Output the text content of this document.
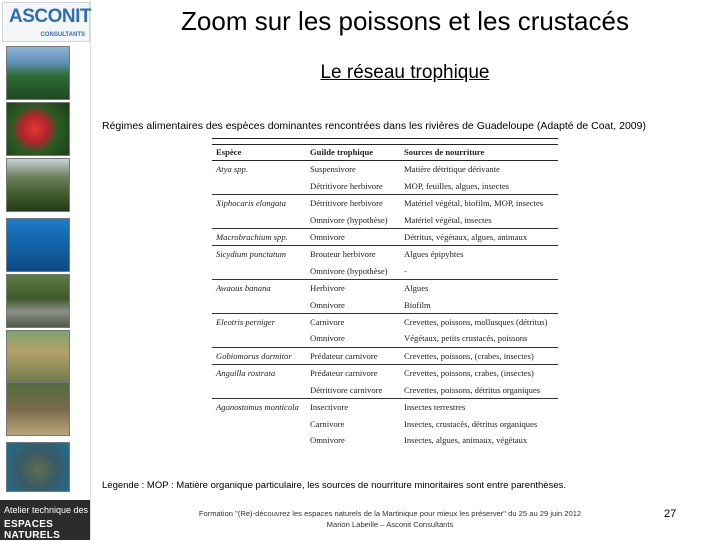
ASCONIT
CONSULTANTS
Atelier technique des
ESPACES NATURELS
Zoom sur les poissons et les crustacés
Le réseau trophique
Régimes alimentaires des espèces dominantes rencontrées dans les rivières de Guadeloupe (Adapté de Coat, 2009)
Espèce	Guilde trophique	Sources de nourriture
Atya spp.	Suspensivore	Matière détritique dérivante
	Détritivore herbivore	MOP, feuilles, algues, insectes
Xiphocaris elongata	Détritivore herbivore	Matériel végétal, biofilm, MOP, insectes
	Omnivore (hypothèse)	Matériel végétal, insectes
Macrobrachium spp.	Omnivore	Détritus, végétaux, algues, animaux
Sicydium punctatum	Brouteur herbivore	Algues épipyhtes
	Omnivore (hypothèse)	-
Awaous banana	Herbivore	Algues
	Omnivore	Biofilm
Eleotris perniger	Carnivore	Crevettes, poissons, mollusques (détritus)
	Omnivore	Végétaux, petits crustacés, poissons
Gobiomorus dormitor	Prédateur carnivore	Crevettes, poissons, (crabes, insectes)
Anguilla rostrata	Prédateur carnivore	Crevettes, poissons, crabes, (insectes)
	Détritivore carnivore	Crevettes, poissons, détritus organiques
Agonostomus monticola	Insectivore	Insectes terrestres
	Carnivore	Insectes, crustacés, détritus organiques
	Omnivore	Insectes, algues, animaux, végétaux
Légende : MOP : Matière organique particulaire, les sources de nourriture minoritaires sont entre parenthèses.
Formation "(Re)-découvrez les espaces naturels de la Martinique pour mieux les préserver" du 25 au 29 juin 2012
Marion Labeille – Asconit Consultants
27
